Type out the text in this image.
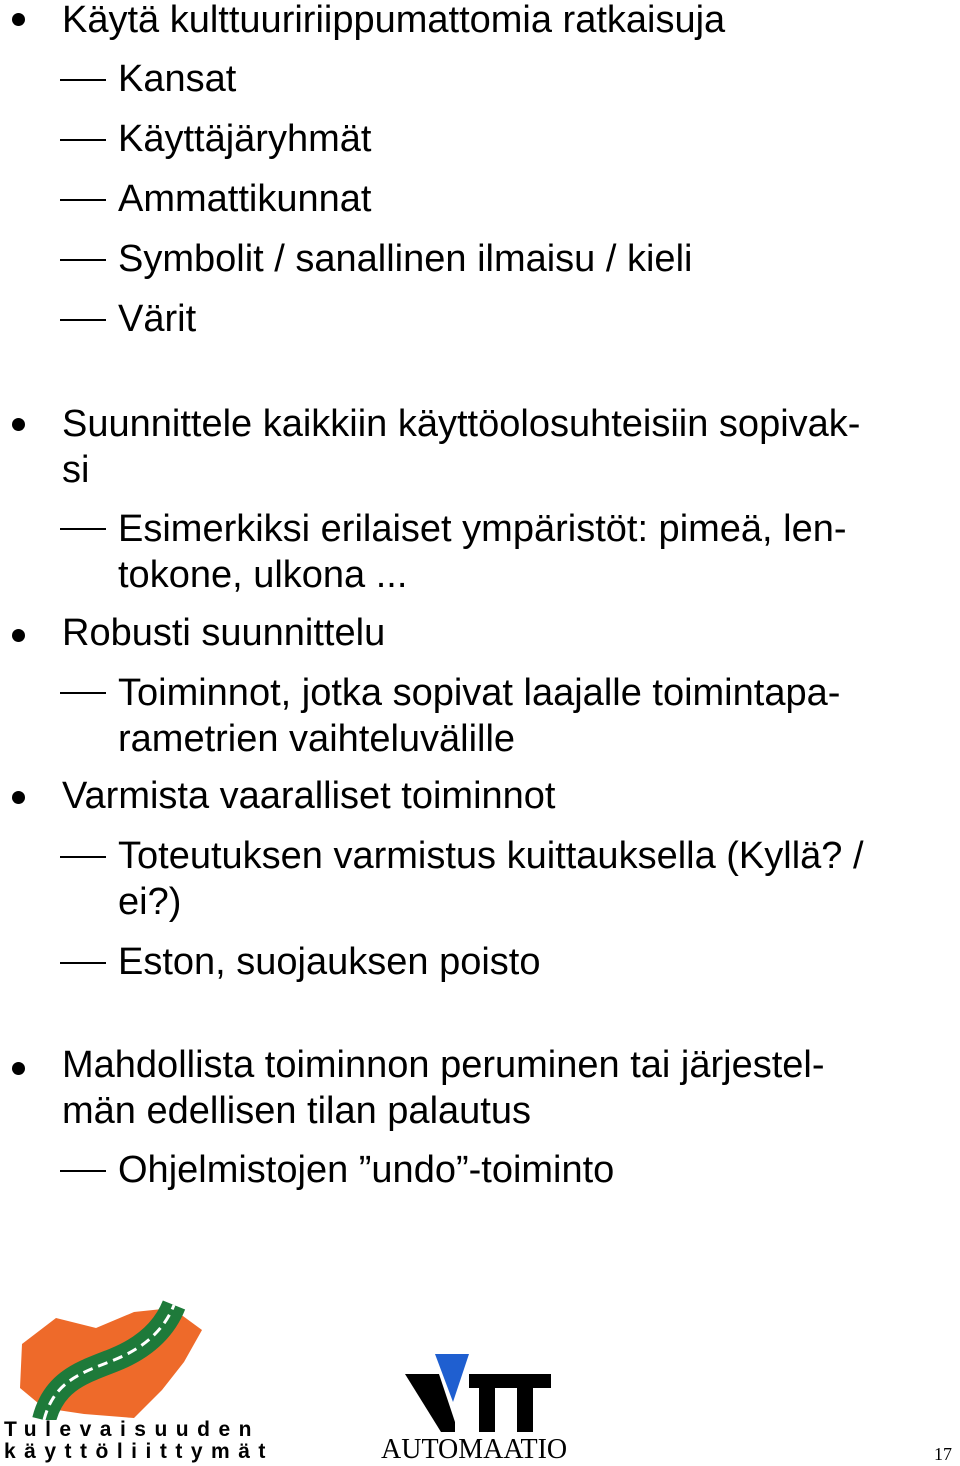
Käytä kulttuuririippumattomia ratkaisuja
Kansat
Käyttäjäryhmät
Ammattikunnat
Symbolit / sanallinen ilmaisu / kieli
Värit
Suunnittele kaikkiin käyttöolosuhteisiin sopivak-
si
Esimerkiksi erilaiset ympäristöt: pimeä, len-
tokone, ulkona ...
Robusti suunnittelu
Toiminnot, jotka sopivat laajalle toimintapa-
rametrien vaihteluvälille
Varmista vaaralliset toiminnot
Toteutuksen varmistus kuittauksella (Kyllä? /
ei?)
Eston, suojauksen poisto
Mahdollista toiminnon peruminen tai järjestel-
män edellisen tilan palautus
Ohjelmistojen ”undo”-toiminto
Tulevaisuuden
käyttöliittymät	AUTOMAATIO	17
